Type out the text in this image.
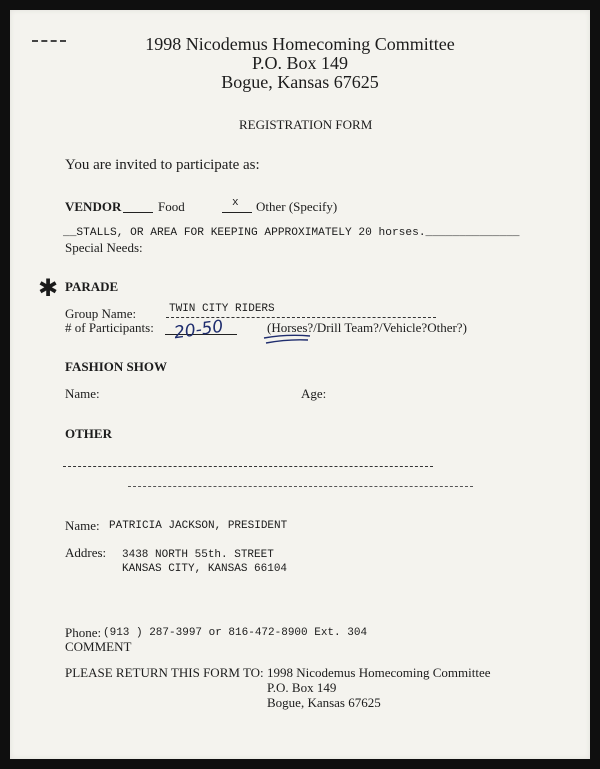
1998 Nicodemus Homecoming Committee
P.O. Box 149
Bogue, Kansas 67625
REGISTRATION FORM
You are invited to participate as:
VENDOR	Food	x Other (Specify)
__STALLS, OR AREA FOR KEEPING APPROXIMATELY 20 horses.______________
Special Needs:
✱ PARADE
Group Name:	TWIN CITY RIDERS
# of Participants: 20-50	(Horses?/Drill Team?/Vehicle?Other?)
FASHION SHOW
Name:	Age:
OTHER
Name: PATRICIA JACKSON, PRESIDENT
Addres: 3438 NORTH 55th. STREET
KANSAS CITY, KANSAS 66104
Phone: (913 ) 287-3997 or 816-472-8900 Ext. 304
COMMENT
PLEASE RETURN THIS FORM TO: 1998 Nicodemus Homecoming Committee
P.O. Box 149
Bogue, Kansas 67625
